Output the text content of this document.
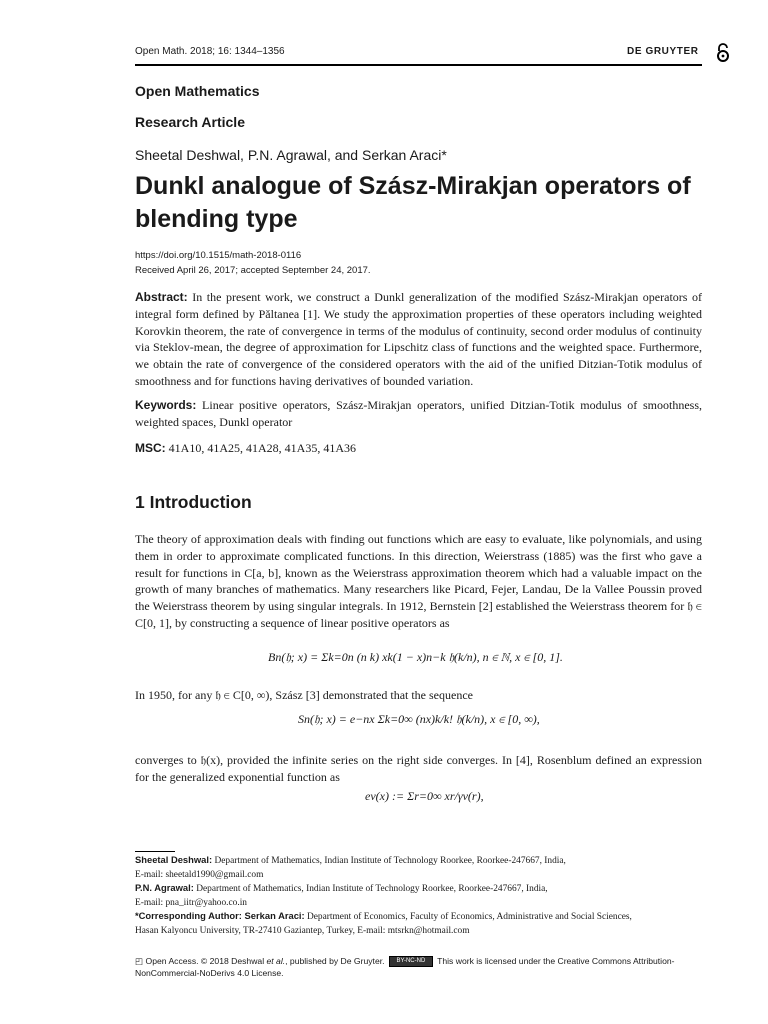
Open Math. 2018; 16: 1344–1356	DE GRUYTER
Open Mathematics
Research Article
Sheetal Deshwal, P.N. Agrawal, and Serkan Araci*
Dunkl analogue of Szász-Mirakjan operators of blending type
https://doi.org/10.1515/math-2018-0116
Received April 26, 2017; accepted September 24, 2017.
Abstract: In the present work, we construct a Dunkl generalization of the modified Szász-Mirakjan operators of integral form defined by Pǎltanea [1]. We study the approximation properties of these operators including weighted Korovkin theorem, the rate of convergence in terms of the modulus of continuity, second order modulus of continuity via Steklov-mean, the degree of approximation for Lipschitz class of functions and the weighted space. Furthermore, we obtain the rate of convergence of the considered operators with the aid of the unified Ditzian-Totik modulus of smoothness and for functions having derivatives of bounded variation.
Keywords: Linear positive operators, Szász-Mirakjan operators, unified Ditzian-Totik modulus of smoothness, weighted spaces, Dunkl operator
MSC: 41A10, 41A25, 41A28, 41A35, 41A36
1 Introduction
The theory of approximation deals with finding out functions which are easy to evaluate, like polynomials, and using them in order to approximate complicated functions. In this direction, Weierstrass (1885) was the first who gave a result for functions in C[a, b], known as the Weierstrass approximation theorem which had a valuable impact on the growth of many branches of mathematics. Many researchers like Picard, Fejer, Landau, De la Vallee Poussin proved the Weierstrass theorem by using singular integrals. In 1912, Bernstein [2] established the Weierstrass theorem for 𝔥 ∈ C[0, 1], by constructing a sequence of linear positive operators as
Bn(𝔥; x) = Σk=0n (n k) xk(1 − x)n−k 𝔥(k/n), n ∈ ℕ, x ∈ [0, 1].
In 1950, for any 𝔥 ∈ C[0, ∞), Szász [3] demonstrated that the sequence
Sn(𝔥; x) = e−nx Σk=0∞ (nx)k/k! 𝔥(k/n), x ∈ [0, ∞),
converges to 𝔥(x), provided the infinite series on the right side converges. In [4], Rosenblum defined an expression for the generalized exponential function as
eν(x) := Σr=0∞ xr/γν(r),
Sheetal Deshwal: Department of Mathematics, Indian Institute of Technology Roorkee, Roorkee-247667, India,
E-mail: sheetald1990@gmail.com
P.N. Agrawal: Department of Mathematics, Indian Institute of Technology Roorkee, Roorkee-247667, India,
E-mail: pna_iitr@yahoo.co.in
*Corresponding Author: Serkan Araci: Department of Economics, Faculty of Economics, Administrative and Social Sciences,
Hasan Kalyoncu University, TR-27410 Gaziantep, Turkey, E-mail: mtsrkn@hotmail.com
◰ Open Access. © 2018 Deshwal et al., published by De Gruyter. BY-NC-ND This work is licensed under the Creative Commons Attribution-NonCommercial-NoDerivs 4.0 License.
